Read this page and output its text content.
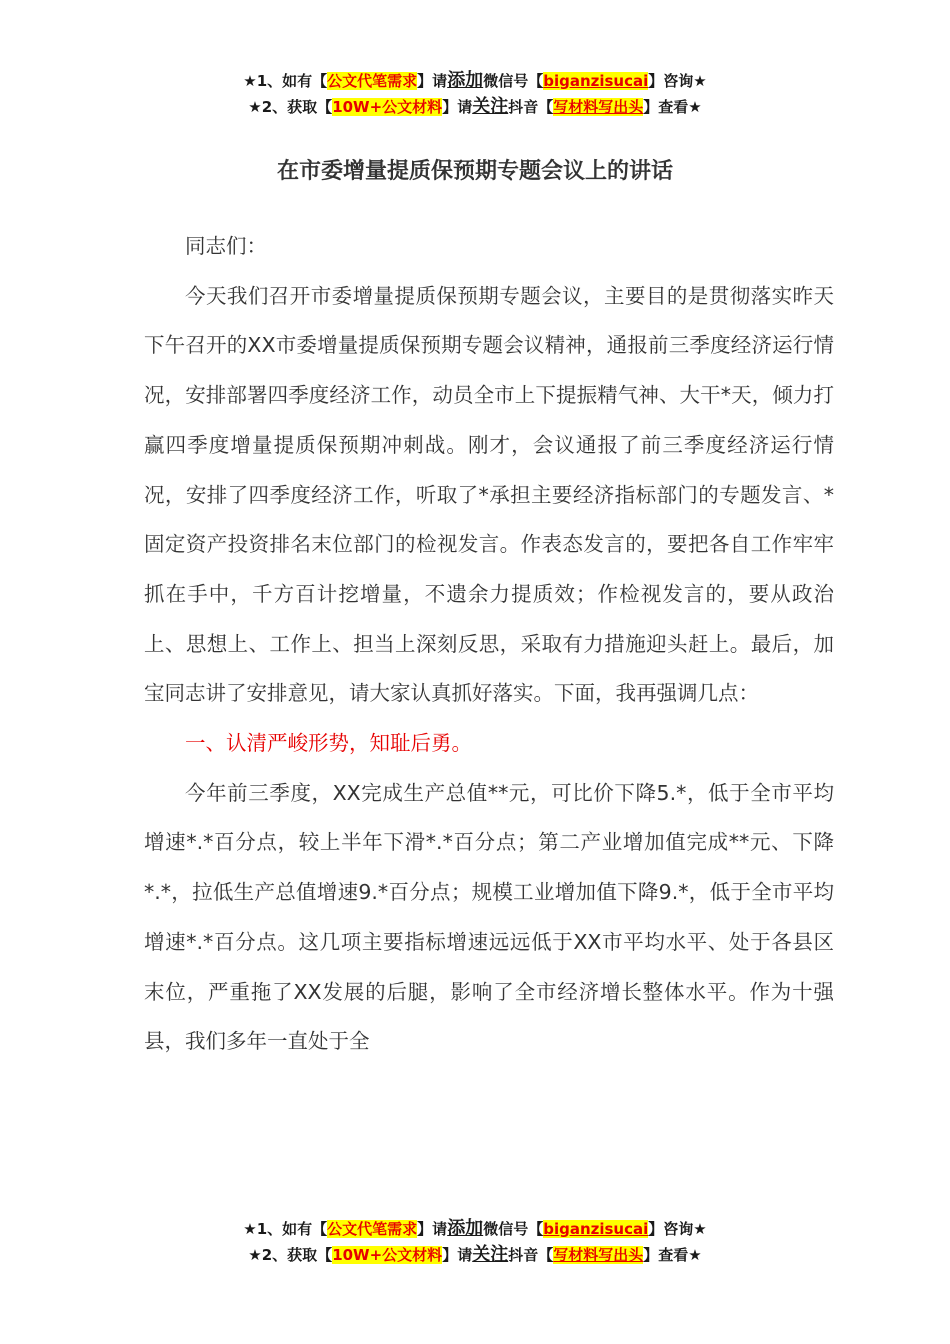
★1、如有【公文代笔需求】请添加微信号【biganzisucai】咨询★
★2、获取【10W+公文材料】请关注抖音【写材料写出头】查看★
在市委增量提质保预期专题会议上的讲话

同志们：

今天我们召开市委增量提质保预期专题会议，主要目的是贯彻落实昨天下午召开的XX市委增量提质保预期专题会议精神，通报前三季度经济运行情况，安排部署四季度经济工作，动员全市上下提振精气神、大干*天，倾力打赢四季度增量提质保预期冲刺战。刚才，会议通报了前三季度经济运行情况，安排了四季度经济工作，听取了*承担主要经济指标部门的专题发言、*固定资产投资排名末位部门的检视发言。作表态发言的，要把各自工作牢牢抓在手中，千方百计挖增量，不遗余力提质效；作检视发言的，要从政治上、思想上、工作上、担当上深刻反思，采取有力措施迎头赶上。最后，加宝同志讲了安排意见，请大家认真抓好落实。下面，我再强调几点：

一、认清严峻形势，知耻后勇。

今年前三季度，XX完成生产总值**元，可比价下降5.*，低于全市平均增速*.*百分点，较上半年下滑*.*百分点；第二产业增加值完成**元、下降*.*，拉低生产总值增速9.*百分点；规模工业增加值下降9.*，低于全市平均增速*.*百分点。这几项主要指标增速远远低于XX市平均水平、处于各县区末位，严重拖了XX发展的后腿，影响了全市经济增长整体水平。作为十强县，我们多年一直处于全

★1、如有【公文代笔需求】请添加微信号【biganzisucai】咨询★
★2、获取【10W+公文材料】请关注抖音【写材料写出头】查看★
